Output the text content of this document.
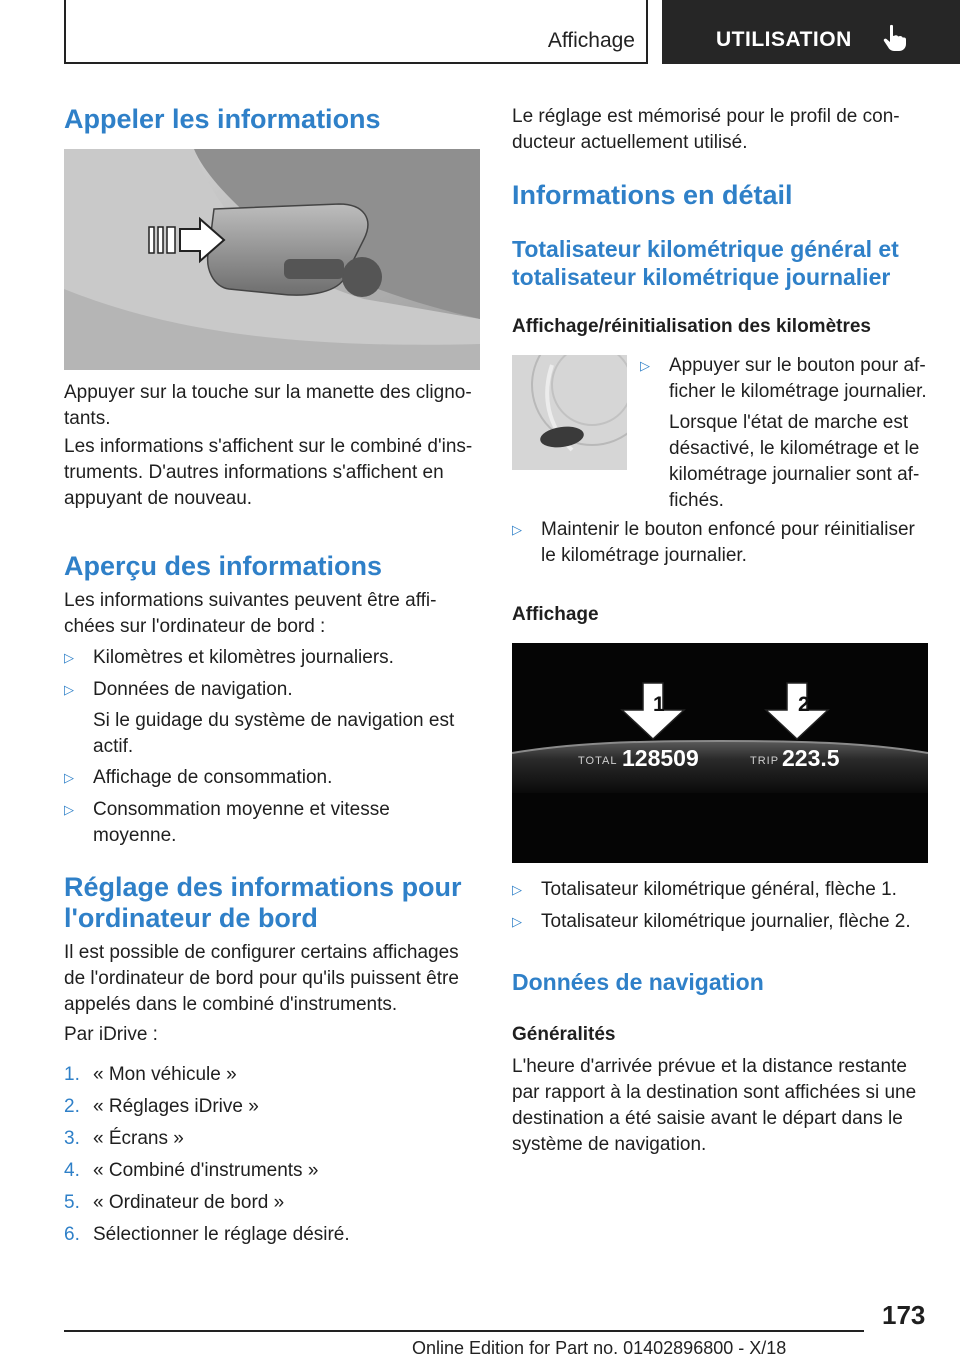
Affichage	UTILISATION
Appeler les informations

Appuyer sur la touche sur la manette des cligno-
tants.

Les informations s'affichent sur le combiné d'ins-
truments. D'autres informations s'affichent en
appuyant de nouveau.

Aperçu des informations

Les informations suivantes peuvent être affi-
chées sur l'ordinateur de bord :

▷ Kilomètres et kilomètres journaliers.
▷ Données de navigation.

Si le guidage du système de navigation est
actif.

▷ Affichage de consommation.
▷ Consommation moyenne et vitesse
moyenne.
Réglage des informations pour
l'ordinateur de bord

Il est possible de configurer certains affichages
de l'ordinateur de bord pour qu'ils puissent être
appelés dans le combiné d'instruments.

Par iDrive :

1. « Mon véhicule »
2. « Réglages iDrive »
3. « Écrans »
4. « Combiné d'instruments »
5. « Ordinateur de bord »
6. Sélectionner le réglage désiré.

Le réglage est mémorisé pour le profil de con-
ducteur actuellement utilisé.

Informations en détail
Totalisateur kilométrique général et
totalisateur kilométrique journalier
Affichage/réinitialisation des kilomètres
▷ Appuyer sur le bouton pour af-
ficher le kilométrage journalier.

Lorsque l'état de marche est
désactivé, le kilométrage et le
kilométrage journalier sont af-
fichés.

▷ Maintenir le bouton enfoncé pour réinitialiser
le kilométrage journalier.
Affichage
1	2
TOTAL 128509	TRIP 223.5
▷ Totalisateur kilométrique général, flèche 1.
▷ Totalisateur kilométrique journalier, flèche 2.
Données de navigation
Généralités

L'heure d'arrivée prévue et la distance restante
par rapport à la destination sont affichées si une
destination a été saisie avant le départ dans le
système de navigation.

173
Online Edition for Part no. 01402896800 - X/18
